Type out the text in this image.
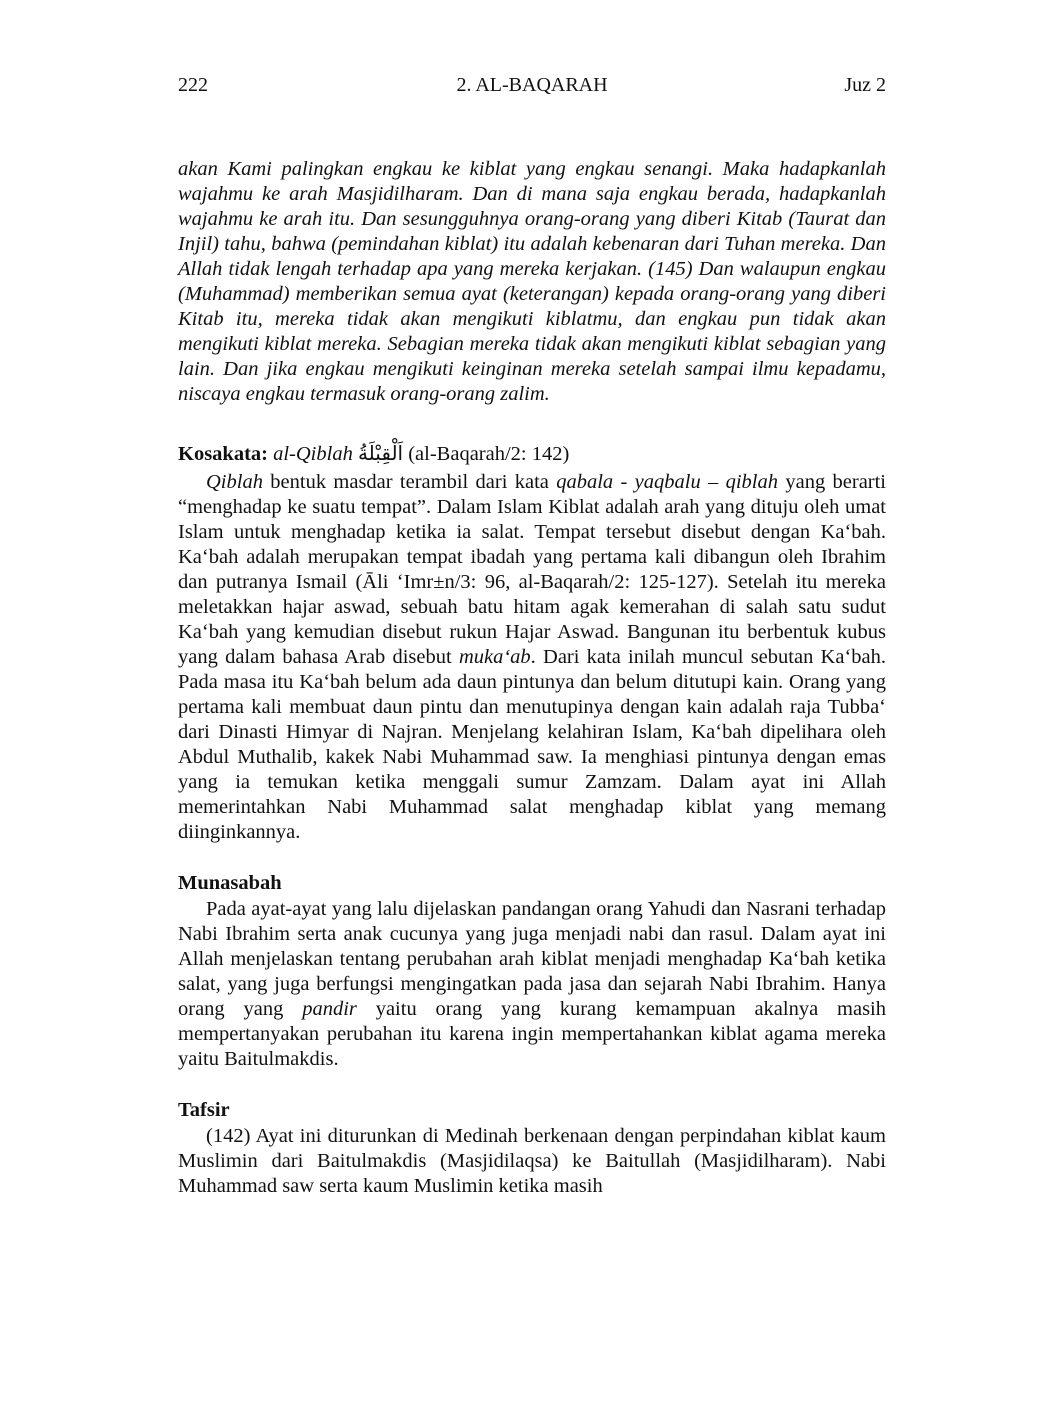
222	2. AL-BAQARAH	Juz 2

akan Kami palingkan engkau ke kiblat yang engkau senangi. Maka hadapkanlah wajahmu ke arah Masjidilharam. Dan di mana saja engkau berada, hadapkanlah wajahmu ke arah itu. Dan sesungguhnya orang-orang yang diberi Kitab (Taurat dan Injil) tahu, bahwa (pemindahan kiblat) itu adalah kebenaran dari Tuhan mereka. Dan Allah tidak lengah terhadap apa yang mereka kerjakan. (145) Dan walaupun engkau (Muhammad) memberikan semua ayat (keterangan) kepada orang-orang yang diberi Kitab itu, mereka tidak akan mengikuti kiblatmu, dan engkau pun tidak akan mengikuti kiblat mereka. Sebagian mereka tidak akan mengikuti kiblat sebagian yang lain. Dan jika engkau mengikuti keinginan mereka setelah sampai ilmu kepadamu, niscaya engkau termasuk orang-orang zalim.

Kosakata: al-Qiblah اَلْقِبْلَةُ (al-Baqarah/2: 142)

Qiblah bentuk masdar terambil dari kata qabala - yaqbalu – qiblah yang berarti “menghadap ke suatu tempat”. Dalam Islam Kiblat adalah arah yang dituju oleh umat Islam untuk menghadap ketika ia salat. Tempat tersebut disebut dengan Ka‘bah. Ka‘bah adalah merupakan tempat ibadah yang pertama kali dibangun oleh Ibrahim dan putranya Ismail (Āli ‘Imr±n/3: 96, al-Baqarah/2: 125-127). Setelah itu mereka meletakkan hajar aswad, sebuah batu hitam agak kemerahan di salah satu sudut Ka‘bah yang kemudian disebut rukun Hajar Aswad. Bangunan itu berbentuk kubus yang dalam bahasa Arab disebut muka‘ab. Dari kata inilah muncul sebutan Ka‘bah. Pada masa itu Ka‘bah belum ada daun pintunya dan belum ditutupi kain. Orang yang pertama kali membuat daun pintu dan menutupinya dengan kain adalah raja Tubba‘ dari Dinasti Himyar di Najran. Menjelang kelahiran Islam, Ka‘bah dipelihara oleh Abdul Muthalib, kakek Nabi Muhammad saw. Ia menghiasi pintunya dengan emas yang ia temukan ketika menggali sumur Zamzam. Dalam ayat ini Allah memerintahkan Nabi Muhammad salat menghadap kiblat yang memang diinginkannya.

Munasabah

Pada ayat-ayat yang lalu dijelaskan pandangan orang Yahudi dan Nasrani terhadap Nabi Ibrahim serta anak cucunya yang juga menjadi nabi dan rasul. Dalam ayat ini Allah menjelaskan tentang perubahan arah kiblat menjadi menghadap Ka‘bah ketika salat, yang juga berfungsi mengingatkan pada jasa dan sejarah Nabi Ibrahim. Hanya orang yang pandir yaitu orang yang kurang kemampuan akalnya masih mempertanyakan perubahan itu karena ingin mempertahankan kiblat agama mereka yaitu Baitulmakdis.

Tafsir

(142) Ayat ini diturunkan di Medinah berkenaan dengan perpindahan kiblat kaum Muslimin dari Baitulmakdis (Masjidilaqsa) ke Baitullah (Masjidilharam). Nabi Muhammad saw serta kaum Muslimin ketika masih
